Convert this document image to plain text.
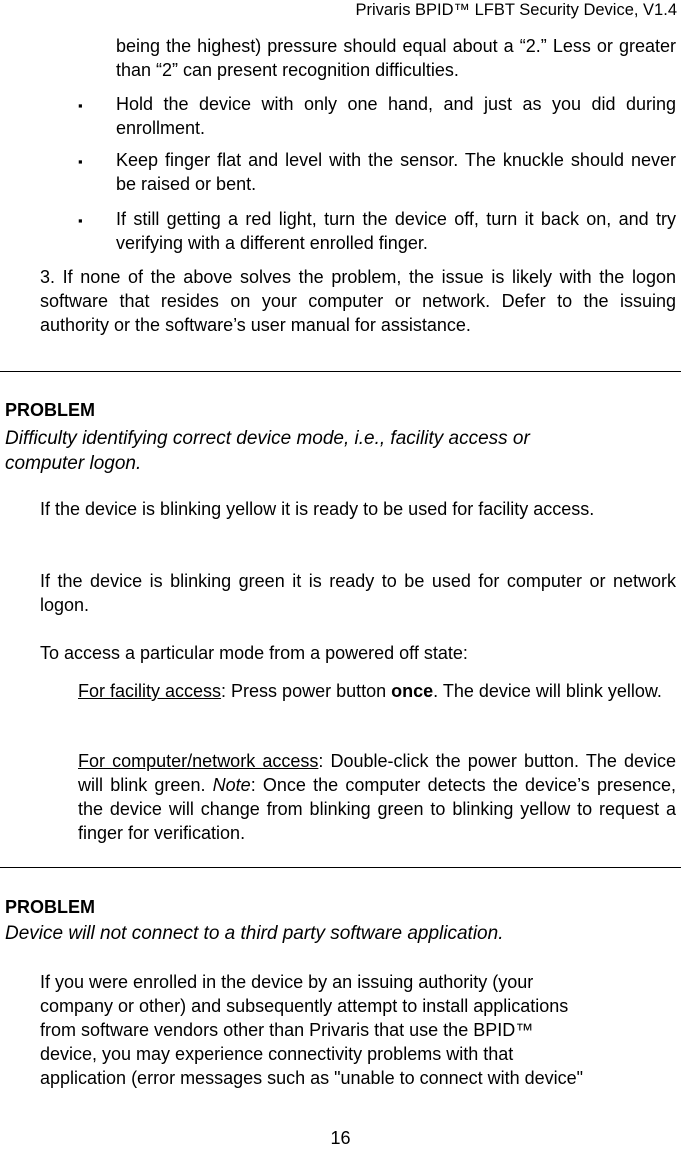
Privaris BPID™ LFBT Security Device, V1.4
being the highest) pressure should equal about a “2.” Less or greater than “2” can present recognition difficulties.
▪ Hold the device with only one hand, and just as you did during enrollment.
▪ Keep finger flat and level with the sensor. The knuckle should never be raised or bent.
▪ If still getting a red light, turn the device off, turn it back on, and try verifying with a different enrolled finger.
3. If none of the above solves the problem, the issue is likely with the logon software that resides on your computer or network. Defer to the issuing authority or the software’s user manual for assistance.
PROBLEM
Difficulty identifying correct device mode, i.e., facility access or computer logon.
If the device is blinking yellow it is ready to be used for facility access.
If the device is blinking green it is ready to be used for computer or network logon.
To access a particular mode from a powered off state:
For facility access: Press power button once. The device will blink yellow.
For computer/network access: Double-click the power button. The device will blink green. Note: Once the computer detects the device’s presence, the device will change from blinking green to blinking yellow to request a finger for verification.
PROBLEM
Device will not connect to a third party software application.
If you were enrolled in the device by an issuing authority (your
company or other) and subsequently attempt to install applications
from software vendors other than Privaris that use the BPID™
device, you may experience connectivity problems with that
application (error messages such as "unable to connect with device"
16
